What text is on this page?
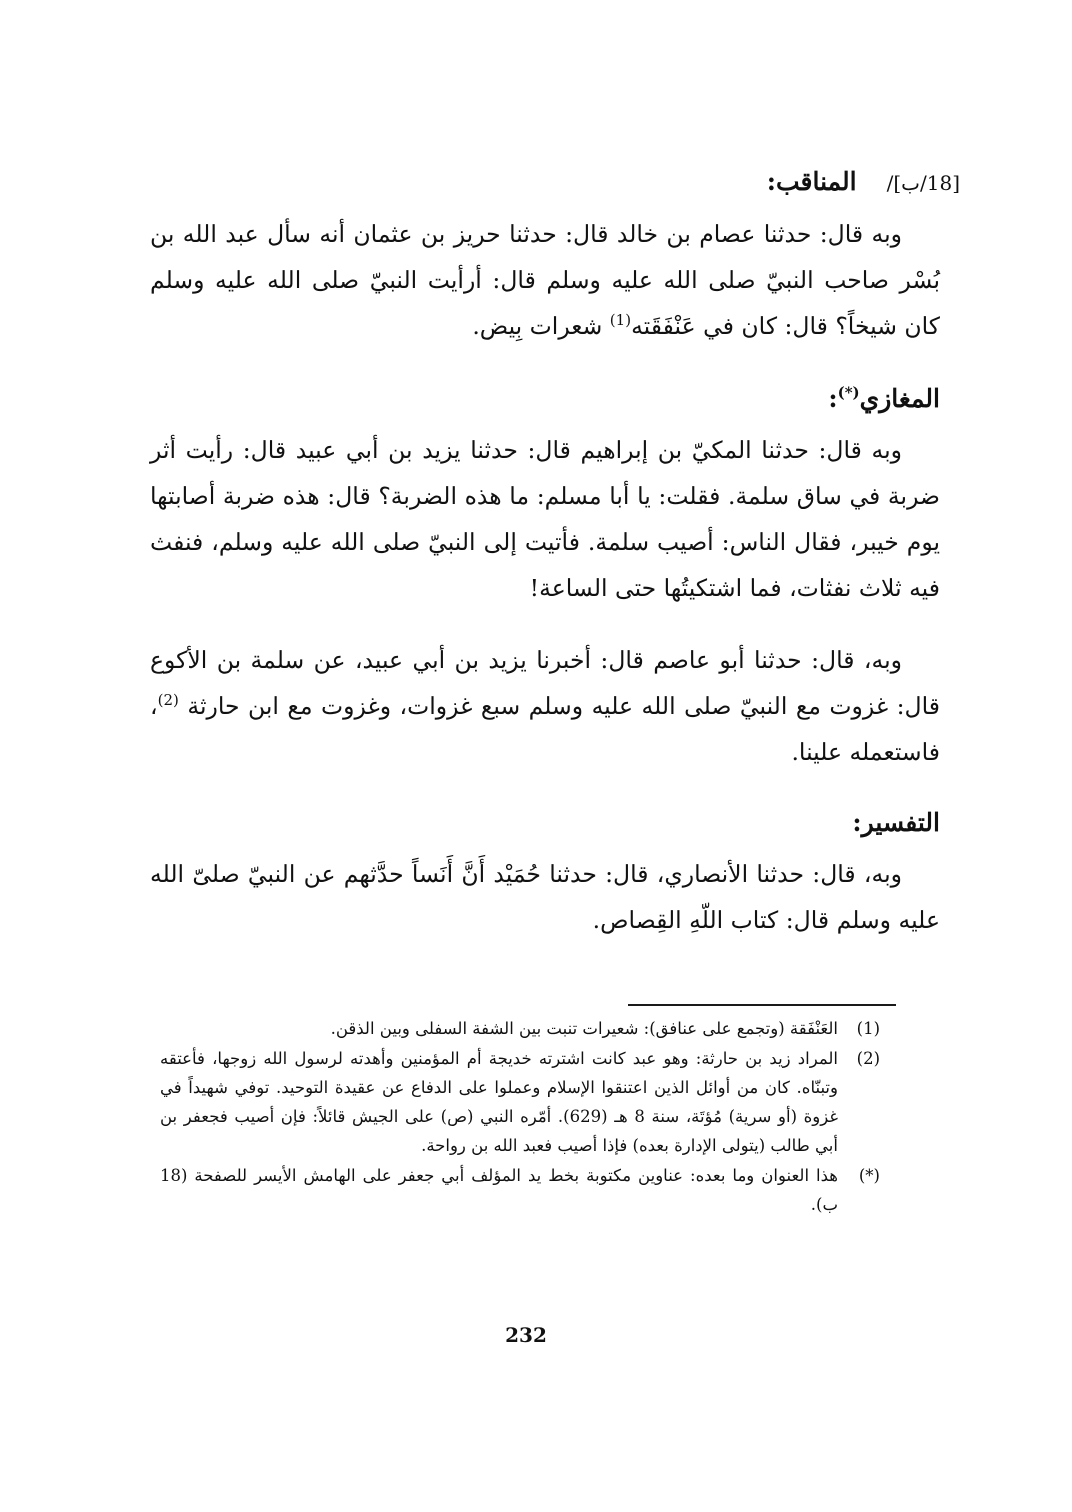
[18/ب]/المناقب:

وبه قال: حدثنا عصام بن خالد قال: حدثنا حريز بن عثمان أنه سأل عبد الله بن بُسْر صاحب النبيّ صلى الله عليه وسلم قال: أرأيت النبيّ صلى الله عليه وسلم كان شيخاً؟ قال: كان في عَنْفَقَته$^{(1)}$ شعرات بِيض.

المغازي(*):

وبه قال: حدثنا المكيّ بن إبراهيم قال: حدثنا يزيد بن أبي عبيد قال: رأيت أثر ضربة في ساق سلمة. فقلت: يا أبا مسلم: ما هذه الضربة؟ قال: هذه ضربة أصابتها يوم خيبر، فقال الناس: أصيب سلمة. فأتيت إلى النبيّ صلى الله عليه وسلم، فنفث فيه ثلاث نفثات، فما اشتكيتُها حتى الساعة!

وبه، قال: حدثنا أبو عاصم قال: أخبرنا يزيد بن أبي عبيد، عن سلمة بن الأكوع قال: غزوت مع النبيّ صلى الله عليه وسلم سبع غزوات، وغزوت مع ابن حارثة $^{(2)}$، فاستعمله علينا.

التفسير:

وبه، قال: حدثنا الأنصاري، قال: حدثنا حُمَيْد أَنَّ أَنَساً حدَّثهم عن النبيّ صلىّ الله عليه وسلم قال: كتاب اللّهِ القِصاص.

(1)
العَنْفَقة (وتجمع على عنافق): شعيرات تنبت بين الشفة السفلى وبين الذقن.
(2)
المراد زيد بن حارثة: وهو عبد كانت اشترته خديجة أم المؤمنين وأهدته لرسول الله زوجها، فأعتقه وتبنّاه. كان من أوائل الذين اعتنقوا الإسلام وعملوا على الدفاع عن عقيدة التوحيد. توفي شهيداً في غزوة (أو سرية) مُؤتَة، سنة 8 هـ (629). أمّره النبي (ص) على الجيش قائلاً: فإن أصيب فجعفر بن أبي طالب (يتولى الإدارة بعده) فإذا أصيب فعبد الله بن رواحة.
(*)
هذا العنوان وما بعده: عناوين مكتوبة بخط يد المؤلف أبي جعفر على الهامش الأيسر للصفحة (18 ب).
232
